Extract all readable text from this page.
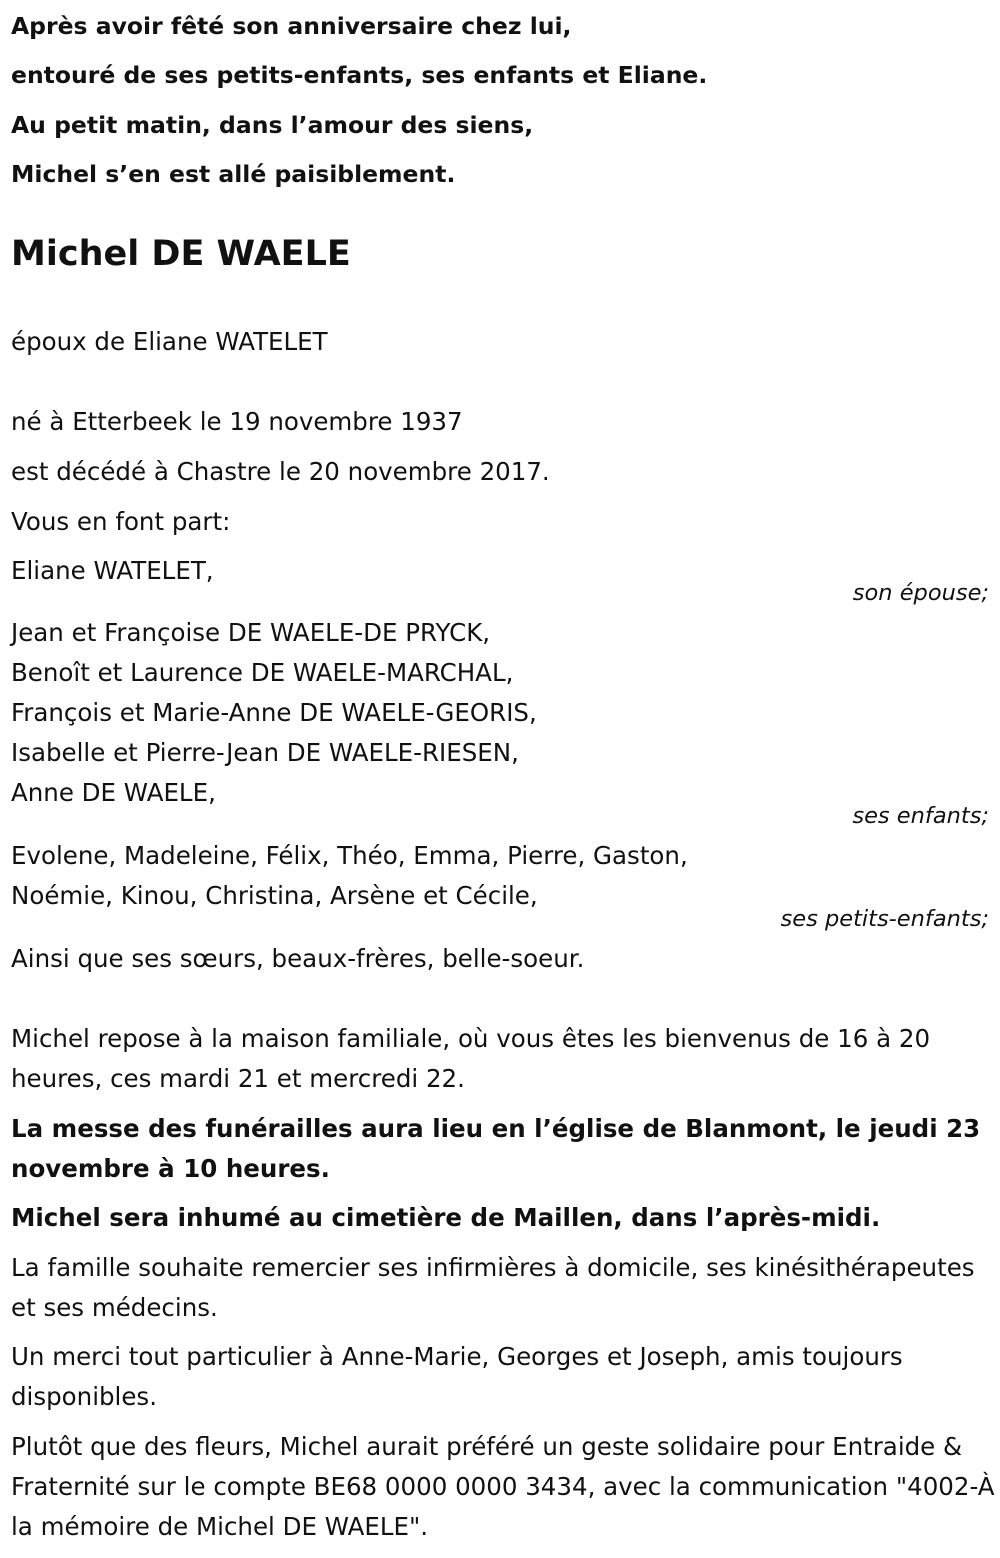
Après avoir fêté son anniversaire chez lui,

entouré de ses petits-enfants, ses enfants et Eliane.

Au petit matin, dans l’amour des siens,

Michel s’en est allé paisiblement.

Michel DE WAELE

époux de Eliane WATELET

né à Etterbeek le 19 novembre 1937

est décédé à Chastre le 20 novembre 2017.

Vous en font part:

Eliane WATELET,

son épouse;
Jean et Françoise DE WAELE-DE PRYCK,
Benoît et Laurence DE WAELE-MARCHAL,
François et Marie-Anne DE WAELE-GEORIS,
Isabelle et Pierre-Jean DE WAELE-RIESEN,
Anne DE WAELE,
ses enfants;
Evolene, Madeleine, Félix, Théo, Emma, Pierre, Gaston,
Noémie, Kinou, Christina, Arsène et Cécile,
ses petits-enfants;

Ainsi que ses sœurs, beaux-frères, belle-soeur.

Michel repose à la maison familiale, où vous êtes les bienvenus de 16 à 20 heures, ces mardi 21 et mercredi 22.

La messe des funérailles aura lieu en l’église de Blanmont, le jeudi 23 novembre à 10 heures.

Michel sera inhumé au cimetière de Maillen, dans l’après-midi.

La famille souhaite remercier ses infirmières à domicile, ses kinésithérapeutes et ses médecins.

Un merci tout particulier à Anne-Marie, Georges et Joseph, amis toujours disponibles.

Plutôt que des fleurs, Michel aurait préféré un geste solidaire pour Entraide & Fraternité sur le compte BE68 0000 0000 3434, avec la communication "4002-À la mémoire de Michel DE WAELE".
